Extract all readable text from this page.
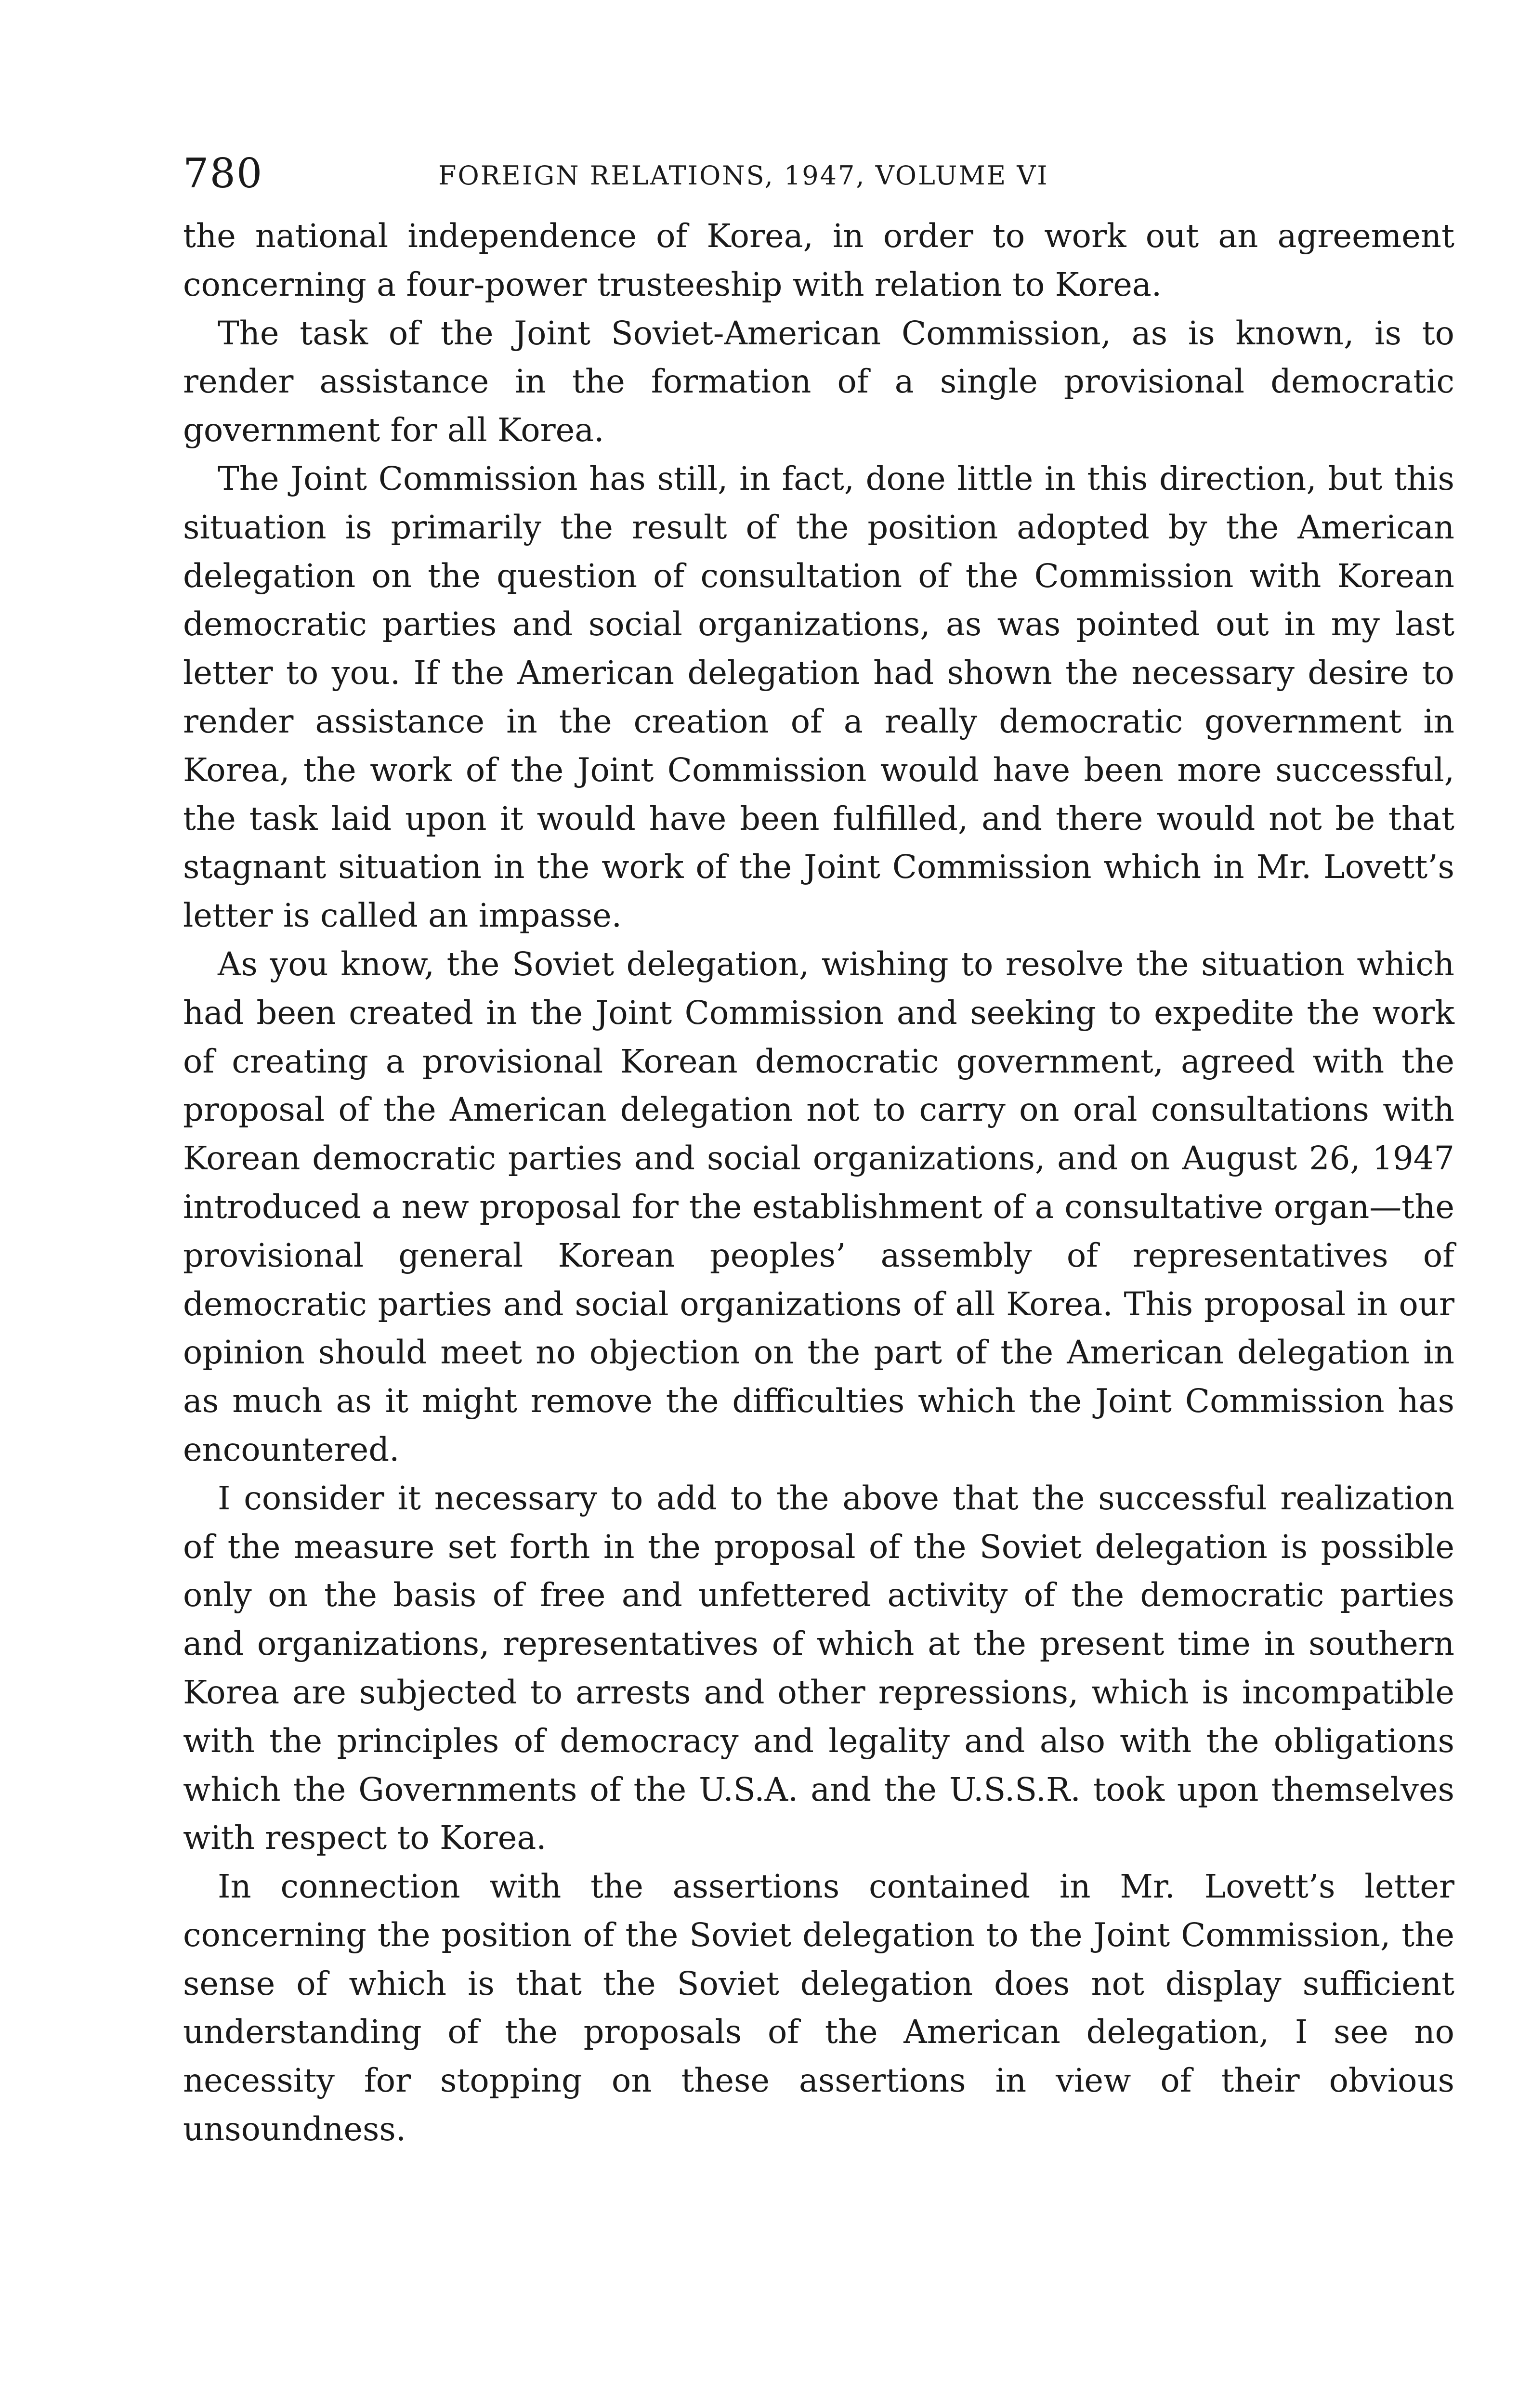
780	FOREIGN RELATIONS, 1947, VOLUME VI

the national independence of Korea, in order to work out an agreement concerning a four-power trusteeship with relation to Korea.

The task of the Joint Soviet-American Commission, as is known, is to render assistance in the formation of a single provisional democratic government for all Korea.

The Joint Commission has still, in fact, done little in this direction, but this situation is primarily the result of the position adopted by the American delegation on the question of consultation of the Commission with Korean democratic parties and social organizations, as was pointed out in my last letter to you. If the American delegation had shown the necessary desire to render assistance in the creation of a really democratic government in Korea, the work of the Joint Commission would have been more successful, the task laid upon it would have been fulfilled, and there would not be that stagnant situation in the work of the Joint Commission which in Mr. Lovett’s letter is called an impasse.

As you know, the Soviet delegation, wishing to resolve the situation which had been created in the Joint Commission and seeking to expedite the work of creating a provisional Korean democratic government, agreed with the proposal of the American delegation not to carry on oral consultations with Korean democratic parties and social organizations, and on August 26, 1947 introduced a new proposal for the establishment of a consultative organ—the provisional general Korean peoples’ assembly of representatives of democratic parties and social organizations of all Korea. This proposal in our opinion should meet no objection on the part of the American delegation in as much as it might remove the difficulties which the Joint Commission has encountered.

I consider it necessary to add to the above that the successful realization of the measure set forth in the proposal of the Soviet delegation is possible only on the basis of free and unfettered activity of the democratic parties and organizations, representatives of which at the present time in southern Korea are subjected to arrests and other repressions, which is incompatible with the principles of democracy and legality and also with the obligations which the Governments of the U.S.A. and the U.S.S.R. took upon themselves with respect to Korea.

In connection with the assertions contained in Mr. Lovett’s letter concerning the position of the Soviet delegation to the Joint Commission, the sense of which is that the Soviet delegation does not display sufficient understanding of the proposals of the American delegation, I see no necessity for stopping on these assertions in view of their obvious unsoundness.
